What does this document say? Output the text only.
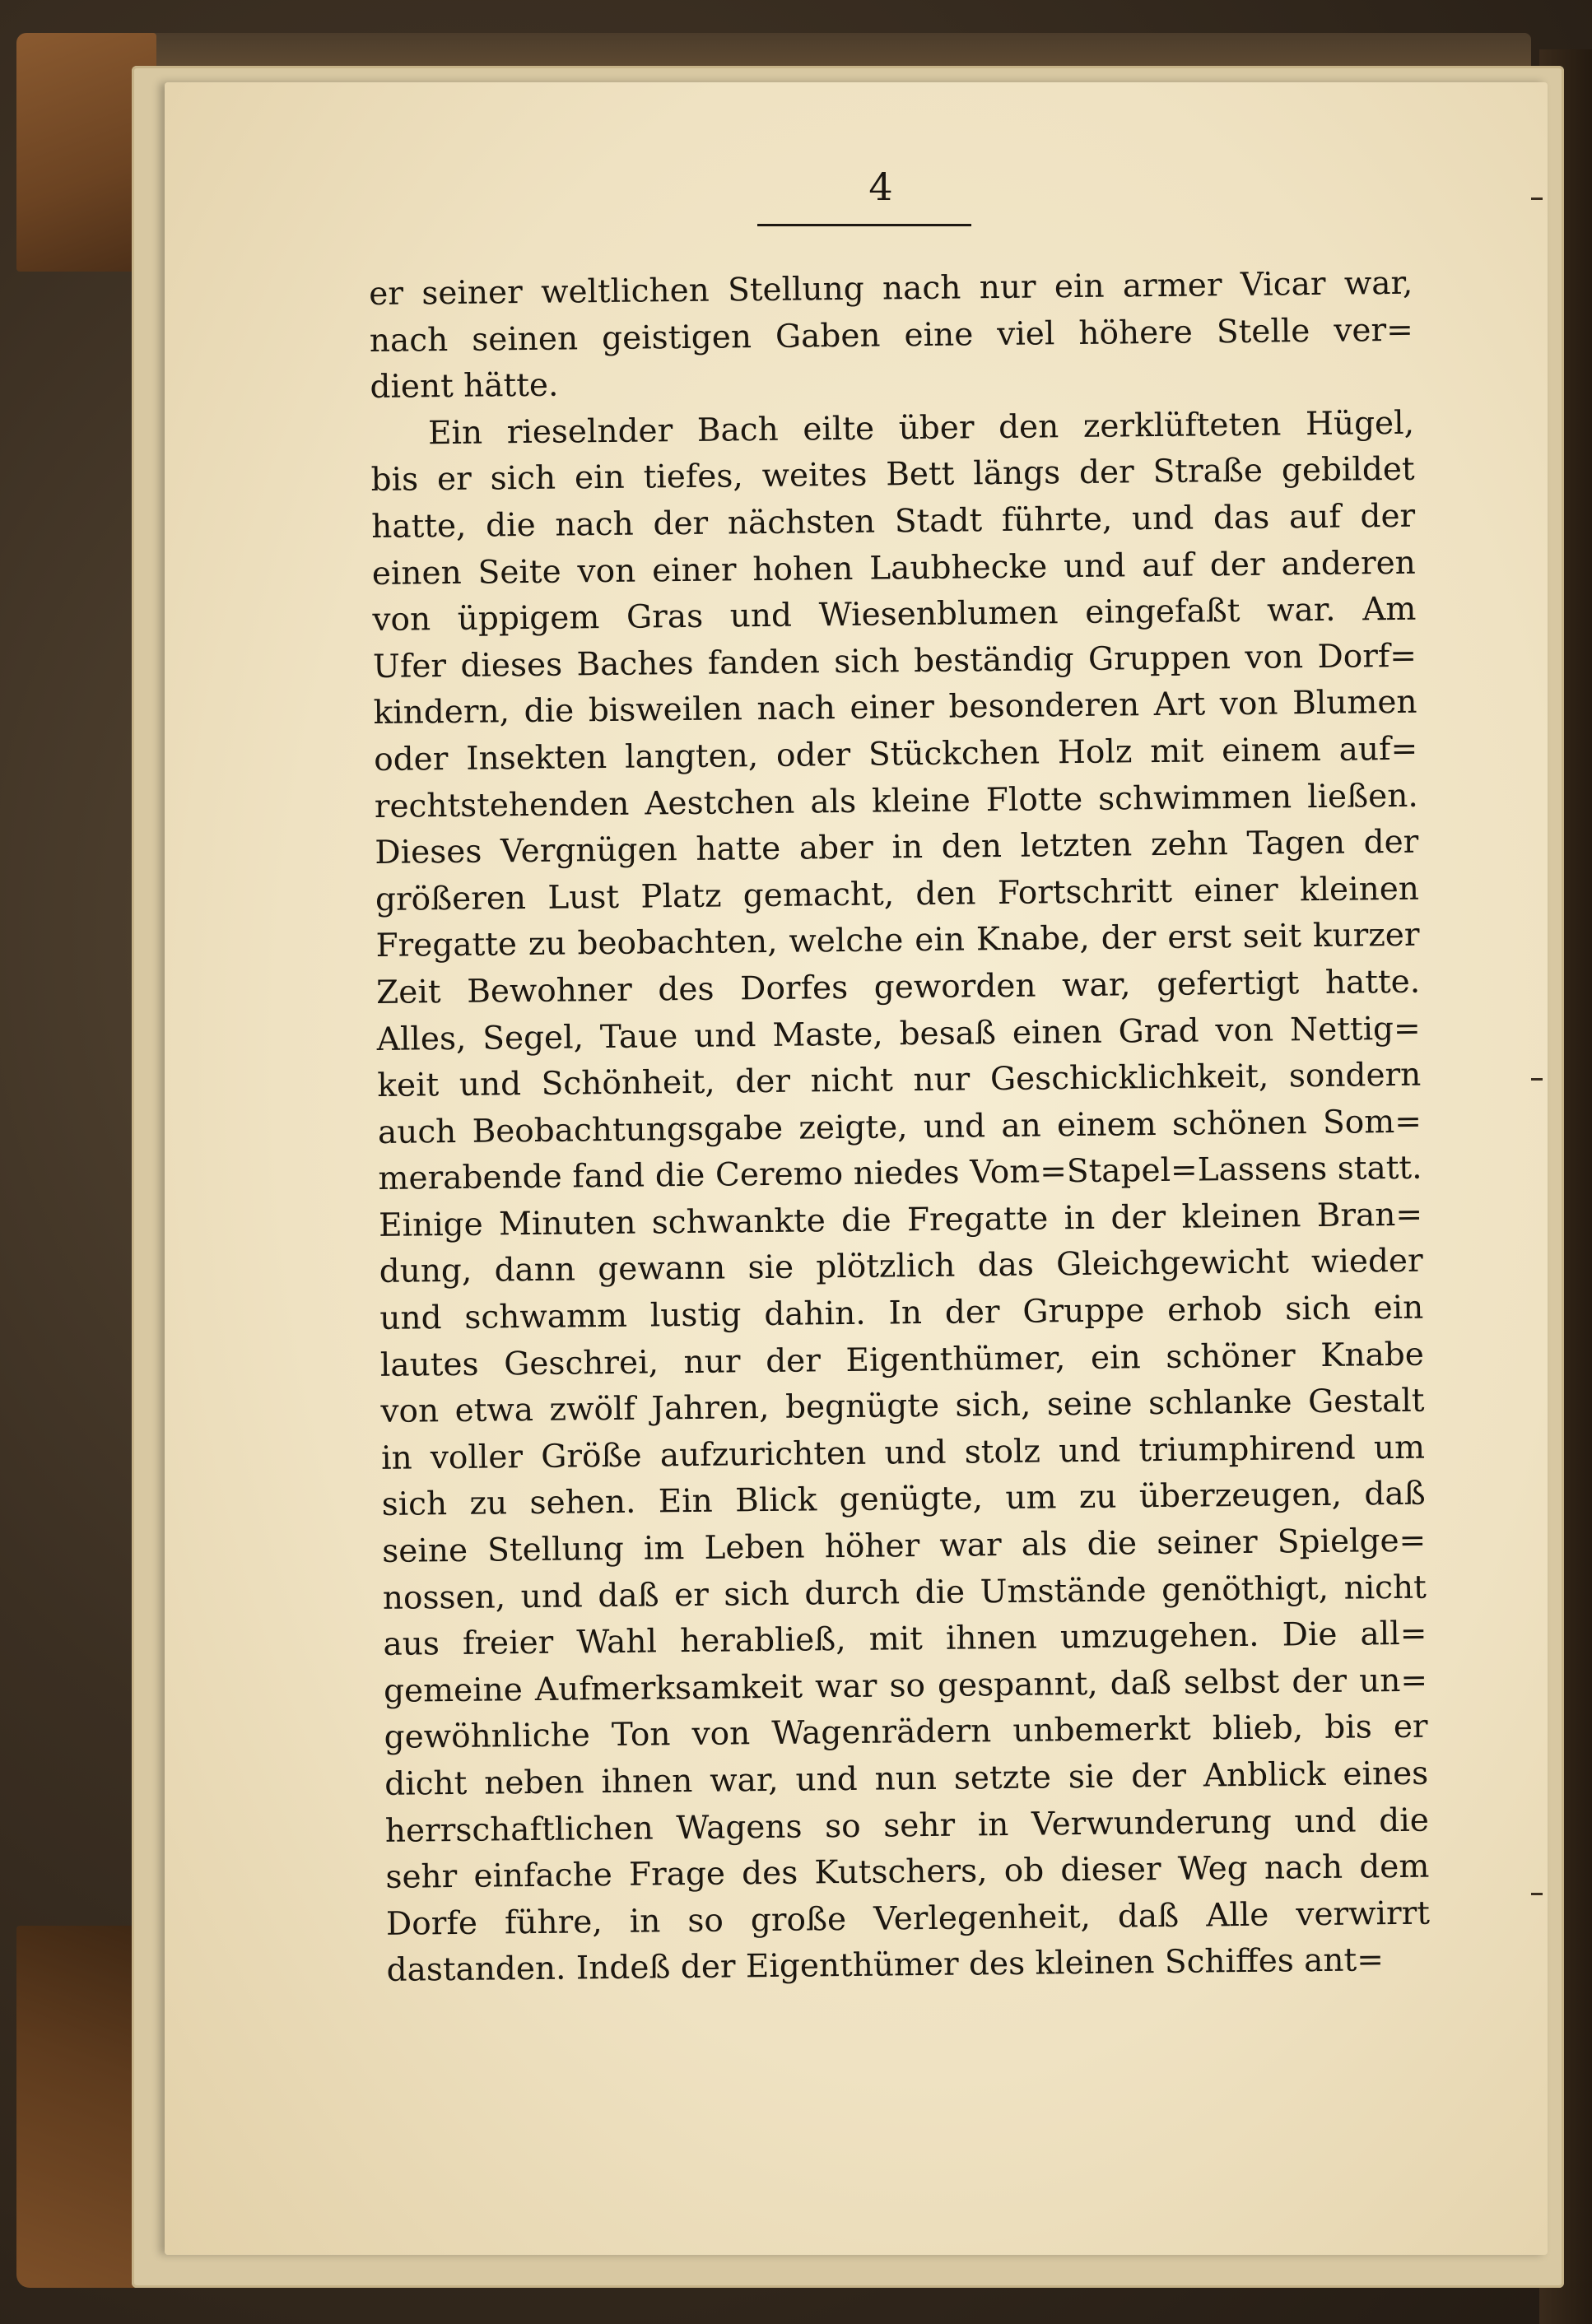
4
er seiner weltlichen Stellung nach nur ein armer Vicar war,
nach seinen geistigen Gaben eine viel höhere Stelle ver=
dient hätte.
Ein rieselnder Bach eilte über den zerklüfteten Hügel,
bis er sich ein tiefes, weites Bett längs der Straße gebildet
hatte, die nach der nächsten Stadt führte, und das auf der
einen Seite von einer hohen Laubhecke und auf der anderen
von üppigem Gras und Wiesenblumen eingefaßt war. Am
Ufer dieses Baches fanden sich beständig Gruppen von Dorf=
kindern, die bisweilen nach einer besonderen Art von Blumen
oder Insekten langten, oder Stückchen Holz mit einem auf=
rechtstehenden Aestchen als kleine Flotte schwimmen ließen.
Dieses Vergnügen hatte aber in den letzten zehn Tagen der
größeren Lust Platz gemacht, den Fortschritt einer kleinen
Fregatte zu beobachten, welche ein Knabe, der erst seit kurzer
Zeit Bewohner des Dorfes geworden war, gefertigt hatte.
Alles, Segel, Taue und Maste, besaß einen Grad von Nettig=
keit und Schönheit, der nicht nur Geschicklichkeit, sondern
auch Beobachtungsgabe zeigte, und an einem schönen Som=
merabende fand die Ceremo niedes Vom=Stapel=Lassens statt.
Einige Minuten schwankte die Fregatte in der kleinen Bran=
dung, dann gewann sie plötzlich das Gleichgewicht wieder
und schwamm lustig dahin. In der Gruppe erhob sich ein
lautes Geschrei, nur der Eigenthümer, ein schöner Knabe
von etwa zwölf Jahren, begnügte sich, seine schlanke Gestalt
in voller Größe aufzurichten und stolz und triumphirend um
sich zu sehen. Ein Blick genügte, um zu überzeugen, daß
seine Stellung im Leben höher war als die seiner Spielge=
nossen, und daß er sich durch die Umstände genöthigt, nicht
aus freier Wahl herabließ, mit ihnen umzugehen. Die all=
gemeine Aufmerksamkeit war so gespannt, daß selbst der un=
gewöhnliche Ton von Wagenrädern unbemerkt blieb, bis er
dicht neben ihnen war, und nun setzte sie der Anblick eines
herrschaftlichen Wagens so sehr in Verwunderung und die
sehr einfache Frage des Kutschers, ob dieser Weg nach dem
Dorfe führe, in so große Verlegenheit, daß Alle verwirrt
dastanden. Indeß der Eigenthümer des kleinen Schiffes ant=
